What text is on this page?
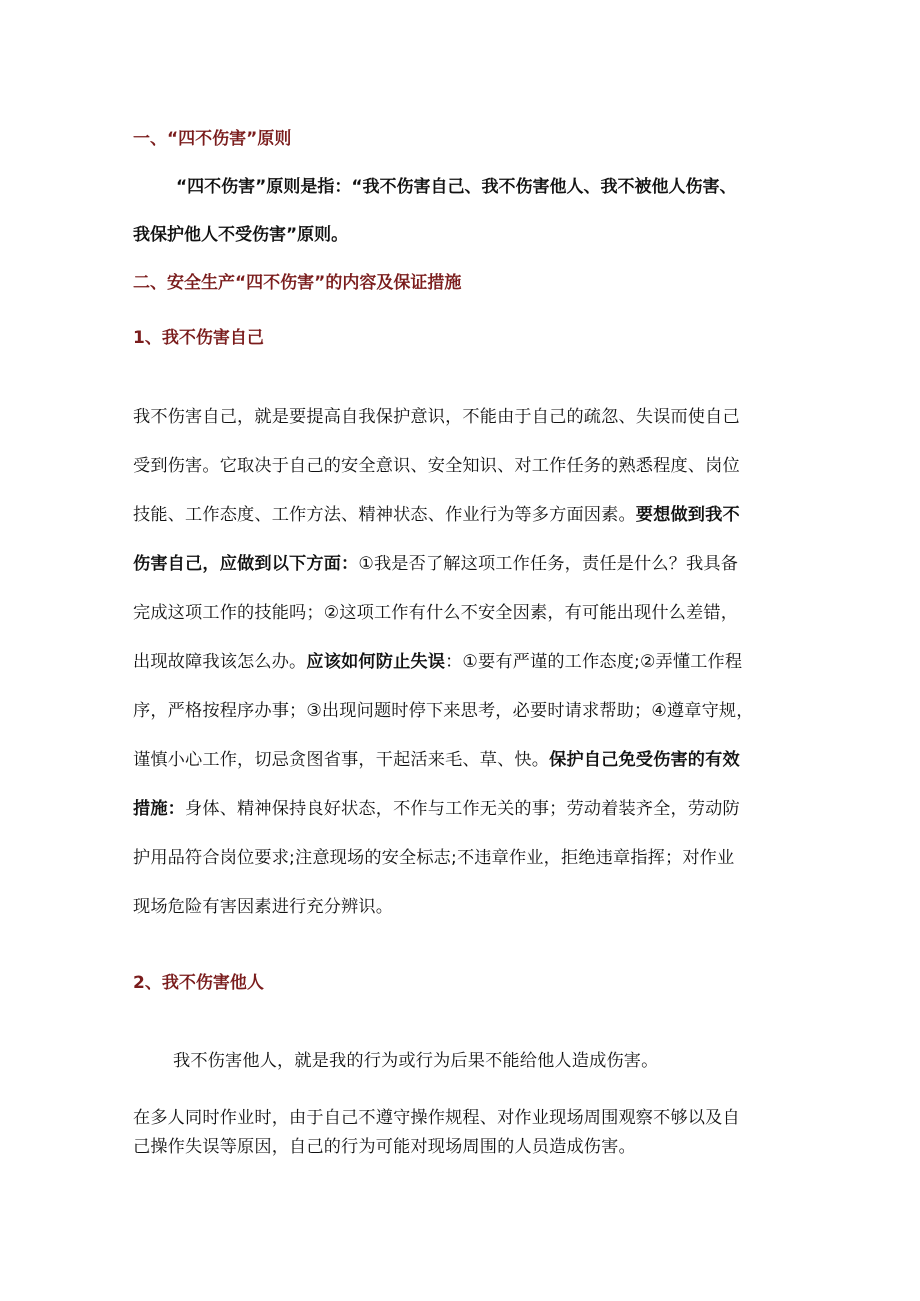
一、“四不伤害”原则
“四不伤害”原则是指：“我不伤害自己、我不伤害他人、我不被他人伤害、
我保护他人不受伤害”原则。
二、安全生产“四不伤害”的内容及保证措施
1、我不伤害自己
我不伤害自己，就是要提高自我保护意识，不能由于自己的疏忽、失误而使自己
受到伤害。它取决于自己的安全意识、安全知识、对工作任务的熟悉程度、岗位
技能、工作态度、工作方法、精神状态、作业行为等多方面因素。要想做到我不
伤害自己，应做到以下方面：①我是否了解这项工作任务，责任是什么？我具备
完成这项工作的技能吗；②这项工作有什么不安全因素，有可能出现什么差错，
出现故障我该怎么办。应该如何防止失误：①要有严谨的工作态度;②弄懂工作程
序，严格按程序办事；③出现问题时停下来思考，必要时请求帮助；④遵章守规，
谨慎小心工作，切忌贪图省事，干起活来毛、草、快。保护自己免受伤害的有效
措施：身体、精神保持良好状态，不作与工作无关的事；劳动着装齐全，劳动防
护用品符合岗位要求;注意现场的安全标志;不违章作业，拒绝违章指挥；对作业
现场危险有害因素进行充分辨识。
2、我不伤害他人
我不伤害他人，就是我的行为或行为后果不能给他人造成伤害。
在多人同时作业时，由于自己不遵守操作规程、对作业现场周围观察不够以及自
己操作失误等原因，自己的行为可能对现场周围的人员造成伤害。
